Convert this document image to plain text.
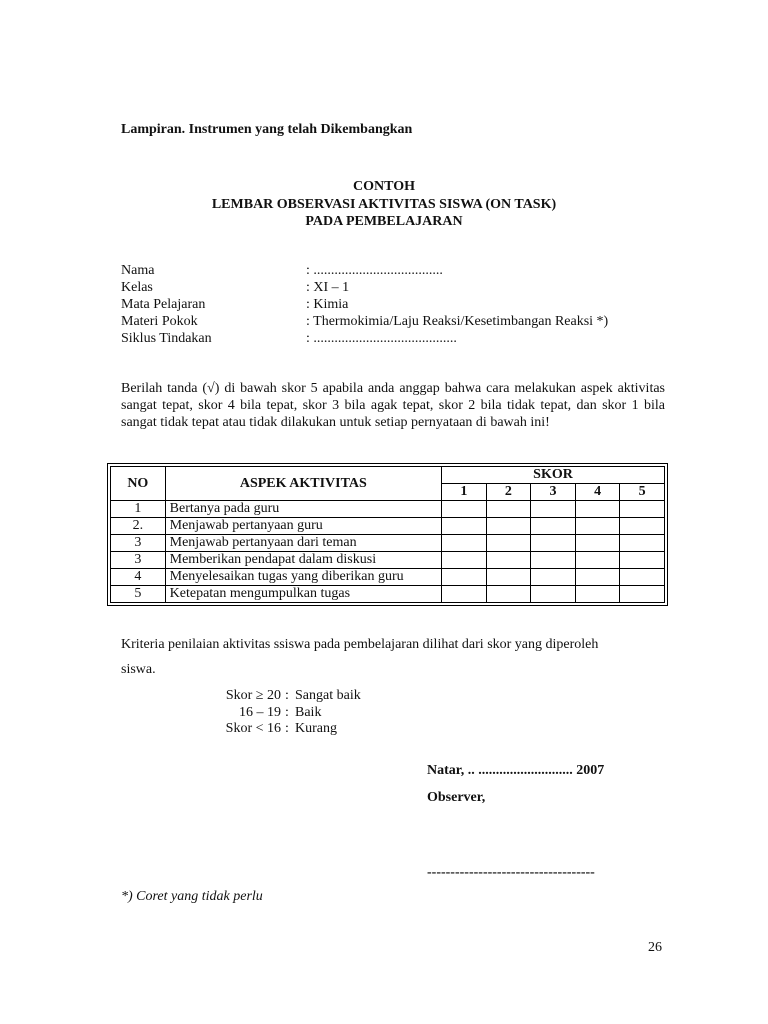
Lampiran. Instrumen yang telah Dikembangkan
CONTOH
LEMBAR OBSERVASI AKTIVITAS SISWA (ON TASK)
PADA PEMBELAJARAN
Nama	: .....................................
Kelas	: XI – 1
Mata Pelajaran	: Kimia
Materi Pokok	: Thermokimia/Laju Reaksi/Kesetimbangan Reaksi *)
Siklus Tindakan	: .........................................
Berilah tanda (√) di bawah skor 5 apabila anda anggap bahwa cara melakukan aspek aktivitas sangat tepat, skor 4 bila tepat, skor 3 bila agak tepat, skor 2 bila tidak tepat, dan skor 1 bila sangat tidak tepat atau tidak dilakukan untuk setiap pernyataan di bawah ini!
NO	ASPEK AKTIVITAS	SKOR				
		1	2	3	4	5
1	Bertanya pada guru					
2.	Menjawab pertanyaan guru					
3	Menjawab pertanyaan dari teman					
3	Memberikan pendapat dalam diskusi					
4	Menyelesaikan tugas yang diberikan guru					
5	Ketepatan mengumpulkan tugas					
Kriteria penilaian aktivitas ssiswa pada pembelajaran dilihat dari skor yang diperoleh
siswa.
Skor ≥ 20 : Sangat baik
16 – 19 : Baik
Skor < 16 : Kurang
Natar, .. ........................... 2007
Observer,
------------------------------------
*) Coret yang tidak perlu
26
